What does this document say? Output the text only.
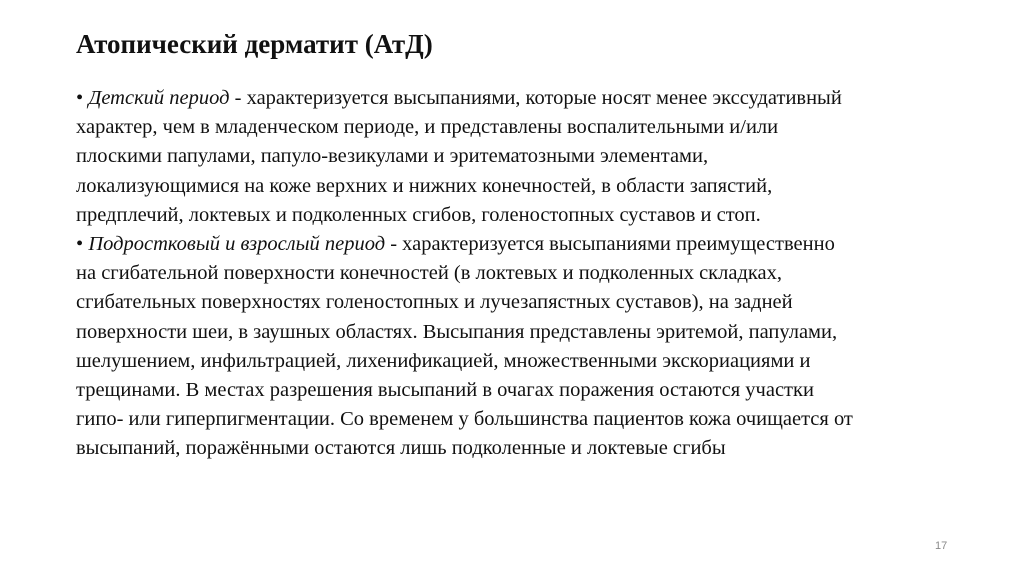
Атопический дерматит (АтД)
• Детский период - характеризуется высыпаниями, которые носят менее экссудативный
характер, чем в младенческом периоде, и представлены воспалительными и/или
плоскими папулами, папуло-везикулами и эритематозными элементами,
локализующимися на коже верхних и нижних конечностей, в области запястий,
предплечий, локтевых и подколенных сгибов, голеностопных суставов и стоп.
• Подростковый и взрослый период - характеризуется высыпаниями преимущественно
на сгибательной поверхности конечностей (в локтевых и подколенных складках,
сгибательных поверхностях голеностопных и лучезапястных суставов), на задней
поверхности шеи, в заушных областях. Высыпания представлены эритемой, папулами,
шелушением, инфильтрацией, лихенификацией, множественными экскориациями и
трещинами. В местах разрешения высыпаний в очагах поражения остаются участки
гипо- или гиперпигментации. Со временем у большинства пациентов кожа очищается от
высыпаний, поражёнными остаются лишь подколенные и локтевые сгибы
17
